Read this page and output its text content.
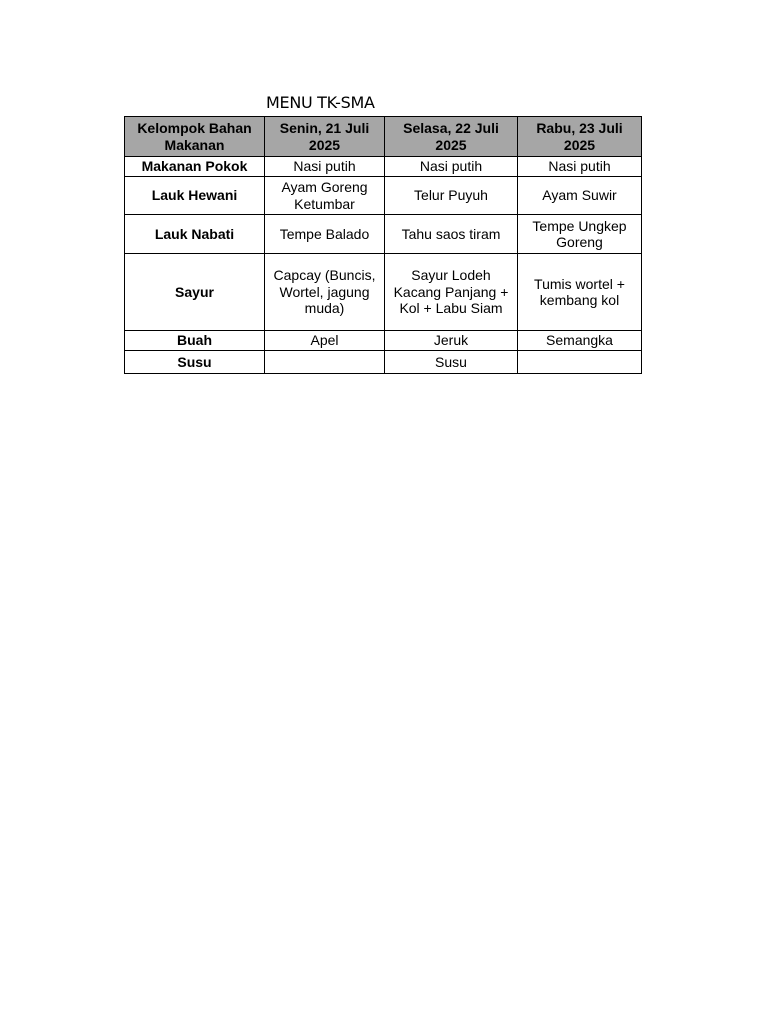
MENU TK-SMA
Kelompok Bahan Makanan	Senin, 21 Juli 2025	Selasa, 22 Juli 2025	Rabu, 23 Juli 2025
Makanan Pokok	Nasi putih	Nasi putih	Nasi putih
Lauk Hewani	Ayam Goreng Ketumbar	Telur Puyuh	Ayam Suwir
Lauk Nabati	Tempe Balado	Tahu saos tiram	Tempe Ungkep Goreng
Sayur	Capcay (Buncis, Wortel, jagung muda)	Sayur Lodeh Kacang Panjang + Kol + Labu Siam	Tumis wortel + kembang kol
Buah	Apel	Jeruk	Semangka
Susu		Susu	
